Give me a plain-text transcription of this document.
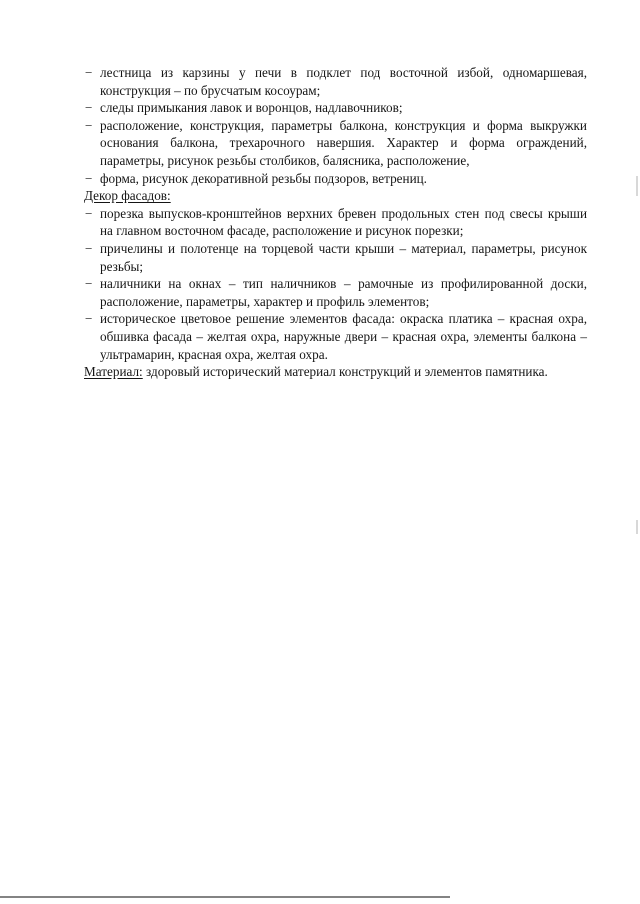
− лестница из карзины у печи в подклет под восточной избой, одномаршевая, конструкция – по брусчатым косоурам;
− следы примыкания лавок и воронцов, надлавочников;
− расположение, конструкция, параметры балкона, конструкция и форма выкружки основания балкона, трехарочного навершия. Характер и форма ограждений, параметры, рисунок резьбы столбиков, балясника, расположение,
− форма, рисунок декоративной резьбы подзоров, ветрениц.

Декор фасадов:

− порезка выпусков-кронштейнов верхних бревен продольных стен под свесы крыши на главном восточном фасаде, расположение и рисунок порезки;
− причелины и полотенце на торцевой части крыши – материал, параметры, рисунок резьбы;
− наличники на окнах – тип наличников – рамочные из профилированной доски, расположение, параметры, характер и профиль элементов;
− историческое цветовое решение элементов фасада: окраска платика – красная охра, обшивка фасада – желтая охра, наружные двери – красная охра, элементы балкона –ультрамарин, красная охра, желтая охра.

Материал: здоровый исторический материал конструкций и элементов памятника.
